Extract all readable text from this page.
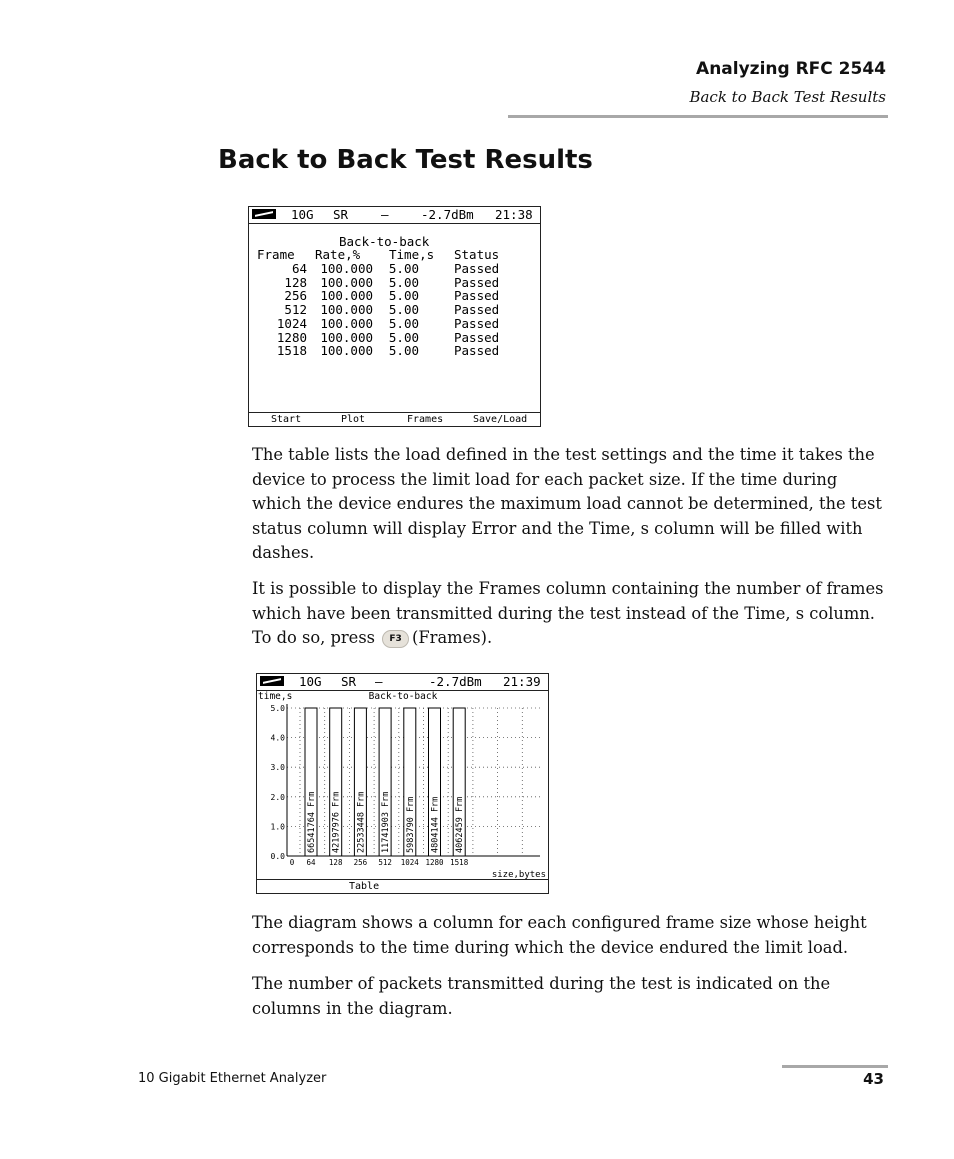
Analyzing RFC 2544
Back to Back Test Results
Back to Back Test Results
10G SR	–	-2.7dBm 21:38
Back-to-back
Frame Rate,% Time,s Status
64 100.000 5.00	Passed
128 100.000 5.00	Passed
256 100.000 5.00	Passed
512 100.000 5.00	Passed
1024 100.000 5.00	Passed
1280 100.000 5.00	Passed
1518 100.000 5.00	Passed
Start	Plot	Frames	Save/Load

The table lists the load defined in the test settings and the time it takes the device to process the limit load for each packet size. If the time during which the device endures the maximum load cannot be determined, the test status column will display Error and the Time, s column will be filled with dashes.

It is possible to display the Frames column containing the number of frames which have been transmitted during the test instead of the Time, s column. To do so, press F3 (Frames).

10G SR –	-2.7dBm 21:39
time,s	Back-to-back
0.0
1.0
2.0
3.0
4.0
5.0
0
66541764 Frm
64
42197976 Frm
128
22533448 Frm
256
11741903 Frm
512
5983790 Frm
1024
4804144 Frm
1280
4062459 Frm
1518
size,bytes
Table

The diagram shows a column for each configured frame size whose height corresponds to the time during which the device endured the limit load.

The number of packets transmitted during the test is indicated on the columns in the diagram.

10 Gigabit Ethernet Analyzer	43
